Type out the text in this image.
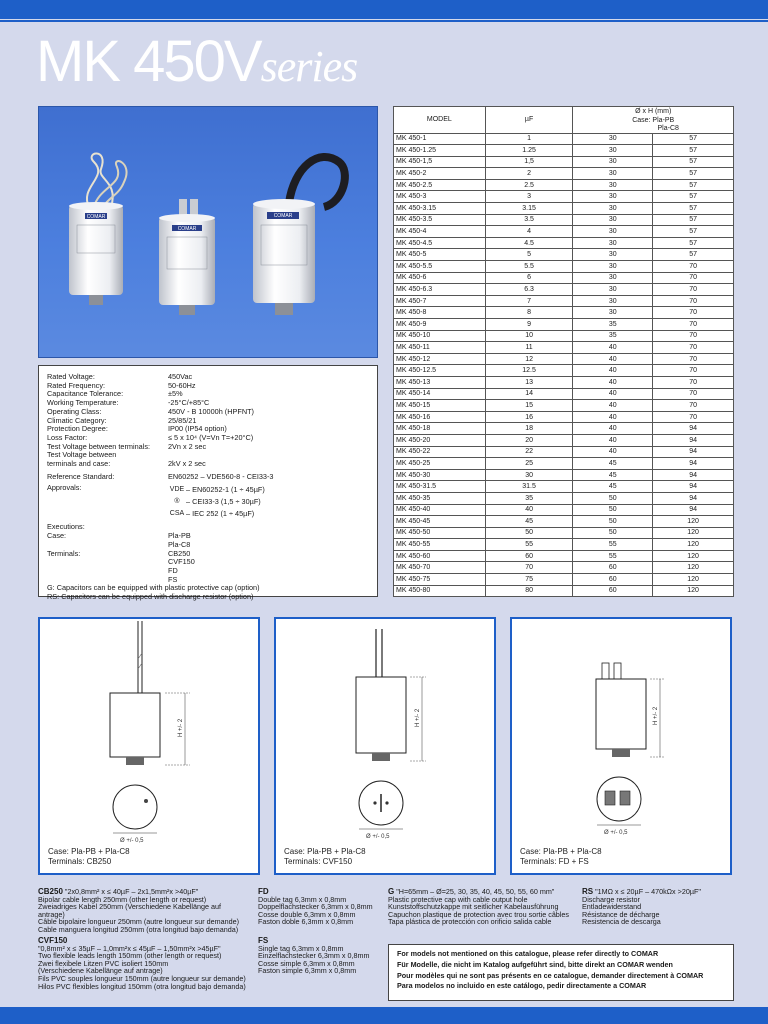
MK 450Vseries
COMAR
COMAR
COMAR
Rated Voltage:	450Vac
Rated Frequency:	50-60Hz
Capacitance Tolerance:	±5%
Working Temperature:	-25°C/+85°C
Operating Class:	450V - B 10000h (HPFNT)
Climatic Category:	25/85/21
Protection Degree:	IP00 (IP54 option)
Loss Factor:	≤ 5 x 10⁴ (V=Vn T=+20°C)
Test Voltage between terminals:	2Vn x 2 sec
Test Voltage between
terminals and case:	2kV x 2 sec
Reference Standard:	EN60252 – VDE560-8 - CEI33-3
Approvals:	VDE – EN60252-1 (1 ÷ 45µF)
® – CEI33-3 (1,5 ÷ 30µF)
CSA – IEC 252 (1 ÷ 45µF)
Executions:
Case:	Pla-PB
Pla-C8
Terminals:	CB250
CVF150
FD
FS
G: Capacitors can be equipped with plastic protective cap (option)
RS: Capacitors can be equipped with discharge resistor (option)
MODEL	µF	Ø x H (mm)	
		Case: Pla-PB
Pla-C8	
MK 450-1	1	30	57
MK 450-1.25	1.25	30	57
MK 450-1,5	1,5	30	57
MK 450-2	2	30	57
MK 450-2.5	2.5	30	57
MK 450-3	3	30	57
MK 450-3.15	3.15	30	57
MK 450-3.5	3.5	30	57
MK 450-4	4	30	57
MK 450-4.5	4.5	30	57
MK 450-5	5	30	57
MK 450-5.5	5.5	30	70
MK 450-6	6	30	70
MK 450-6.3	6.3	30	70
MK 450-7	7	30	70
MK 450-8	8	30	70
MK 450-9	9	35	70
MK 450-10	10	35	70
MK 450-11	11	40	70
MK 450-12	12	40	70
MK 450-12.5	12.5	40	70
MK 450-13	13	40	70
MK 450-14	14	40	70
MK 450-15	15	40	70
MK 450-16	16	40	70
MK 450-18	18	40	94
MK 450-20	20	40	94
MK 450-22	22	40	94
MK 450-25	25	45	94
MK 450-30	30	45	94
MK 450-31.5	31.5	45	94
MK 450-35	35	50	94
MK 450-40	40	50	94
MK 450-45	45	50	120
MK 450-50	50	50	120
MK 450-55	55	55	120
MK 450-60	60	55	120
MK 450-70	70	60	120
MK 450-75	75	60	120
MK 450-80	80	60	120
H +/- 2
Ø +/- 0,5
Case: Pla-PB + Pla-C8
Terminals: CB250
H +/- 2
Ø +/- 0,5
Case: Pla-PB + Pla-C8
Terminals: CVF150
H +/- 2
Ø +/- 0,5
Case: Pla-PB + Pla-C8
Terminals: FD + FS
CB250 "2x0,8mm² x ≤ 40µF – 2x1,5mm²x >40µF"
Bipolar cable length 250mm (other length or request)
Zweiadriges Kabel 250mm (Verschiedene Kabellänge auf antrage)
Câble bipolaire longueur 250mm (autre longueur sur demande)
Cable manguera longitud 250mm (otra longitud bajo demanda)
CVF150
"0,8mm² x ≤ 35µF – 1,0mm²x ≤ 45µF – 1,50mm²x >45µF"
Two flexible leads length 150mm (other length or request)
Zwei flexibele Litzen PVC isoliert 150mm
(Verschiedene Kabellänge auf antrage)
Fils PVC souples longueur 150mm (autre longueur sur demande)
Hilos PVC flexibles longitud 150mm (otra longitud bajo demanda)
FD
Double tag 6,3mm x 0,8mm
Doppelflachstecker 6,3mm x 0,8mm
Cosse double 6,3mm x 0,8mm
Faston doble 6,3mm x 0,8mm
FS
Single tag 6,3mm x 0,8mm
Einzelflachstecker 6,3mm x 0,8mm
Cosse simple 6,3mm x 0,8mm
Faston simple 6,3mm x 0,8mm
G "H=65mm – Ø=25, 30, 35, 40, 45, 50, 55, 60 mm"
Plastic protective cap with cable output hole
Kunststoffschutzkappe mit seitlicher Kabelausführung
Capuchon plastique de protection avec trou sortie câbles
Tapa plástica de protección con orificio salida cable
RS "1MΩ x ≤ 20µF – 470kΩx >20µF"
Discharge resistor
Entladewiderstand
Résistance de décharge
Resistencia de descarga
For models not mentioned on this catalogue, please refer directly to COMAR
Für Modelle, die nicht im Katalog aufgeführt sind, bitte direkt an COMAR wenden
Pour modèles qui ne sont pas présents en ce catalogue, demander directement à COMAR
Para modelos no incluido en este catálogo, pedir directamente a COMAR
